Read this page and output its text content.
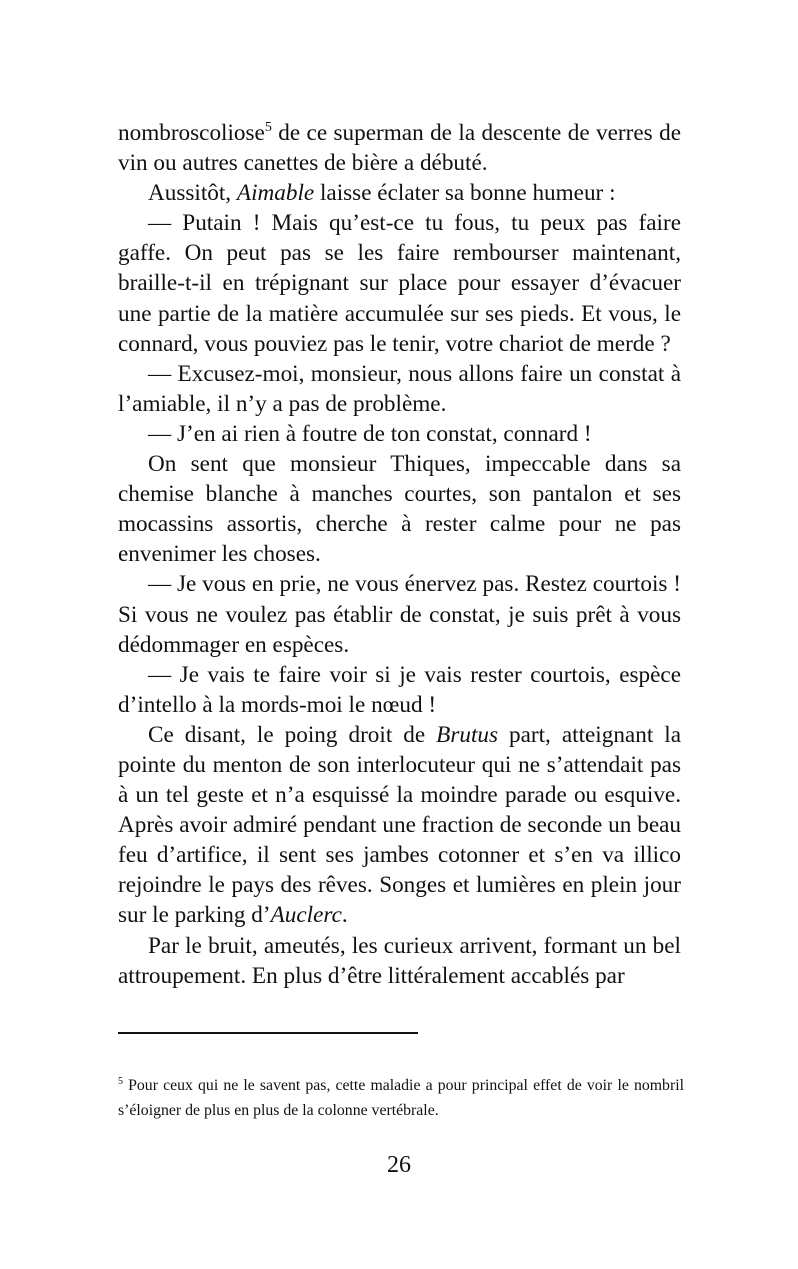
nombroscoliose$^5$ de ce superman de la descente de verres de vin ou autres canettes de bière a débuté.

Aussitôt, Aimable laisse éclater sa bonne humeur :

— Putain ! Mais qu’est-ce tu fous, tu peux pas faire gaffe. On peut pas se les faire rembourser maintenant, braille-t-il en trépignant sur place pour essayer d’évacuer une partie de la matière accumulée sur ses pieds. Et vous, le connard, vous pouviez pas le tenir, votre chariot de merde ?

— Excusez-moi, monsieur, nous allons faire un constat à l’amiable, il n’y a pas de problème.

— J’en ai rien à foutre de ton constat, connard !

On sent que monsieur Thiques, impeccable dans sa chemise blanche à manches courtes, son pantalon et ses mocassins assortis, cherche à rester calme pour ne pas envenimer les choses.

— Je vous en prie, ne vous énervez pas. Restez courtois ! Si vous ne voulez pas établir de constat, je suis prêt à vous dédommager en espèces.

— Je vais te faire voir si je vais rester courtois, espèce d’intello à la mords-moi le nœud !

Ce disant, le poing droit de Brutus part, atteignant la pointe du menton de son interlocuteur qui ne s’attendait pas à un tel geste et n’a esquissé la moindre parade ou esquive. Après avoir admiré pendant une fraction de seconde un beau feu d’artifice, il sent ses jambes cotonner et s’en va illico rejoindre le pays des rêves. Songes et lumières en plein jour sur le parking d’Auclerc.

Par le bruit, ameutés, les curieux arrivent, formant un bel attroupement. En plus d’être littéralement accablés par

$^5$ Pour ceux qui ne le savent pas, cette maladie a pour principal effet de voir le nombril s’éloigner de plus en plus de la colonne vertébrale.
26
